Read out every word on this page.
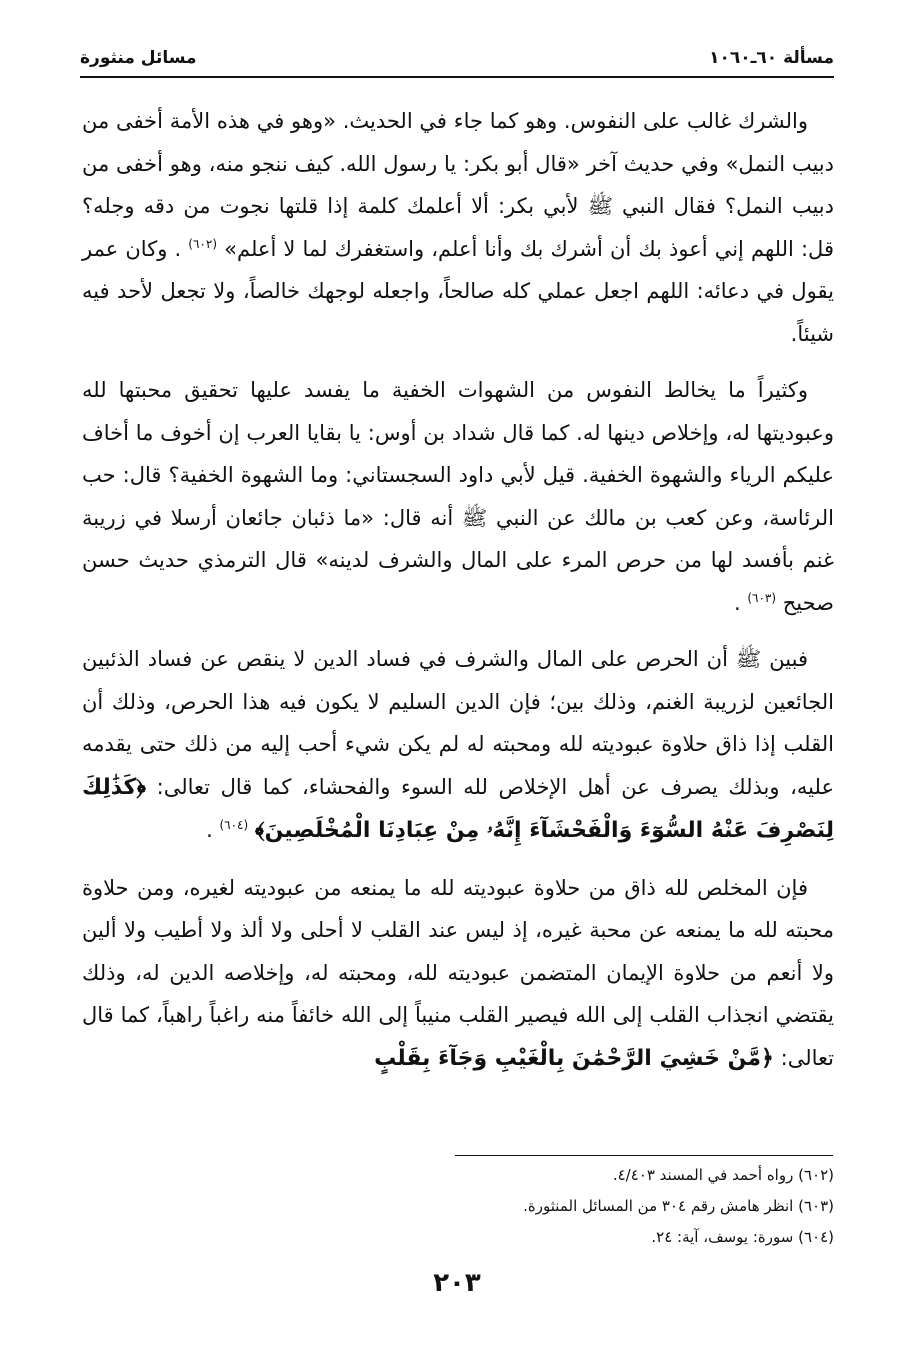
مسألة ٦٠ـ١٠٦٠
مسائل منثورة

والشرك غالب على النفوس. وهو كما جاء في الحديث. «وهو في هذه الأمة أخفى من دبيب النمل» وفي حديث آخر «قال أبو بكر: يا رسول الله. كيف ننجو منه، وهو أخفى من دبيب النمل؟ فقال النبي ﷺ لأبي بكر: ألا أعلمك كلمة إذا قلتها نجوت من دقه وجله؟ قل: اللهم إني أعوذ بك أن أشرك بك وأنا أعلم، واستغفرك لما لا أعلم» $^{(٦٠٢)}$ . وكان عمر يقول في دعائه: اللهم اجعل عملي كله صالحاً، واجعله لوجهك خالصاً، ولا تجعل لأحد فيه شيئاً.

وكثيراً ما يخالط النفوس من الشهوات الخفية ما يفسد عليها تحقيق محبتها لله وعبوديتها له، وإخلاص دينها له. كما قال شداد بن أوس: يا بقايا العرب إن أخوف ما أخاف عليكم الرياء والشهوة الخفية. قيل لأبي داود السجستاني: وما الشهوة الخفية؟ قال: حب الرئاسة، وعن كعب بن مالك عن النبي ﷺ أنه قال: «ما ذئبان جائعان أرسلا في زريبة غنم بأفسد لها من حرص المرء على المال والشرف لدينه» قال الترمذي حديث حسن صحيح $^{(٦٠٣)}$ .

فبين ﷺ أن الحرص على المال والشرف في فساد الدين لا ينقص عن فساد الذئبين الجائعين لزريبة الغنم، وذلك بين؛ فإن الدين السليم لا يكون فيه هذا الحرص، وذلك أن القلب إذا ذاق حلاوة عبوديته لله ومحبته له لم يكن شيء أحب إليه من ذلك حتى يقدمه عليه، وبذلك يصرف عن أهل الإخلاص لله السوء والفحشاء، كما قال تعالى: ﴿كَذَٰلِكَ لِنَصْرِفَ عَنْهُ السُّوٓءَ وَالْفَحْشَآءَ إِنَّهُۥ مِنْ عِبَادِنَا الْمُخْلَصِينَ﴾ $^{(٦٠٤)}$ .

فإن المخلص لله ذاق من حلاوة عبوديته لله ما يمنعه من عبوديته لغيره، ومن حلاوة محبته لله ما يمنعه عن محبة غيره، إذ ليس عند القلب لا أحلى ولا ألذ ولا أطيب ولا ألين ولا أنعم من حلاوة الإيمان المتضمن عبوديته لله، ومحبته له، وإخلاصه الدين له، وذلك يقتضي انجذاب القلب إلى الله فيصير القلب منيباً إلى الله خائفاً منه راغباً راهباً، كما قال تعالى: ﴿مَّنْ خَشِيَ الرَّحْمَٰنَ بِالْغَيْبِ وَجَآءَ بِقَلْبٍ

(٦٠٢) رواه أحمد في المسند ٤/٤٠٣.
(٦٠٣) انظر هامش رقم ٣٠٤ من المسائل المنثورة.
(٦٠٤) سورة: يوسف، آية: ٢٤.
٢٠٣
